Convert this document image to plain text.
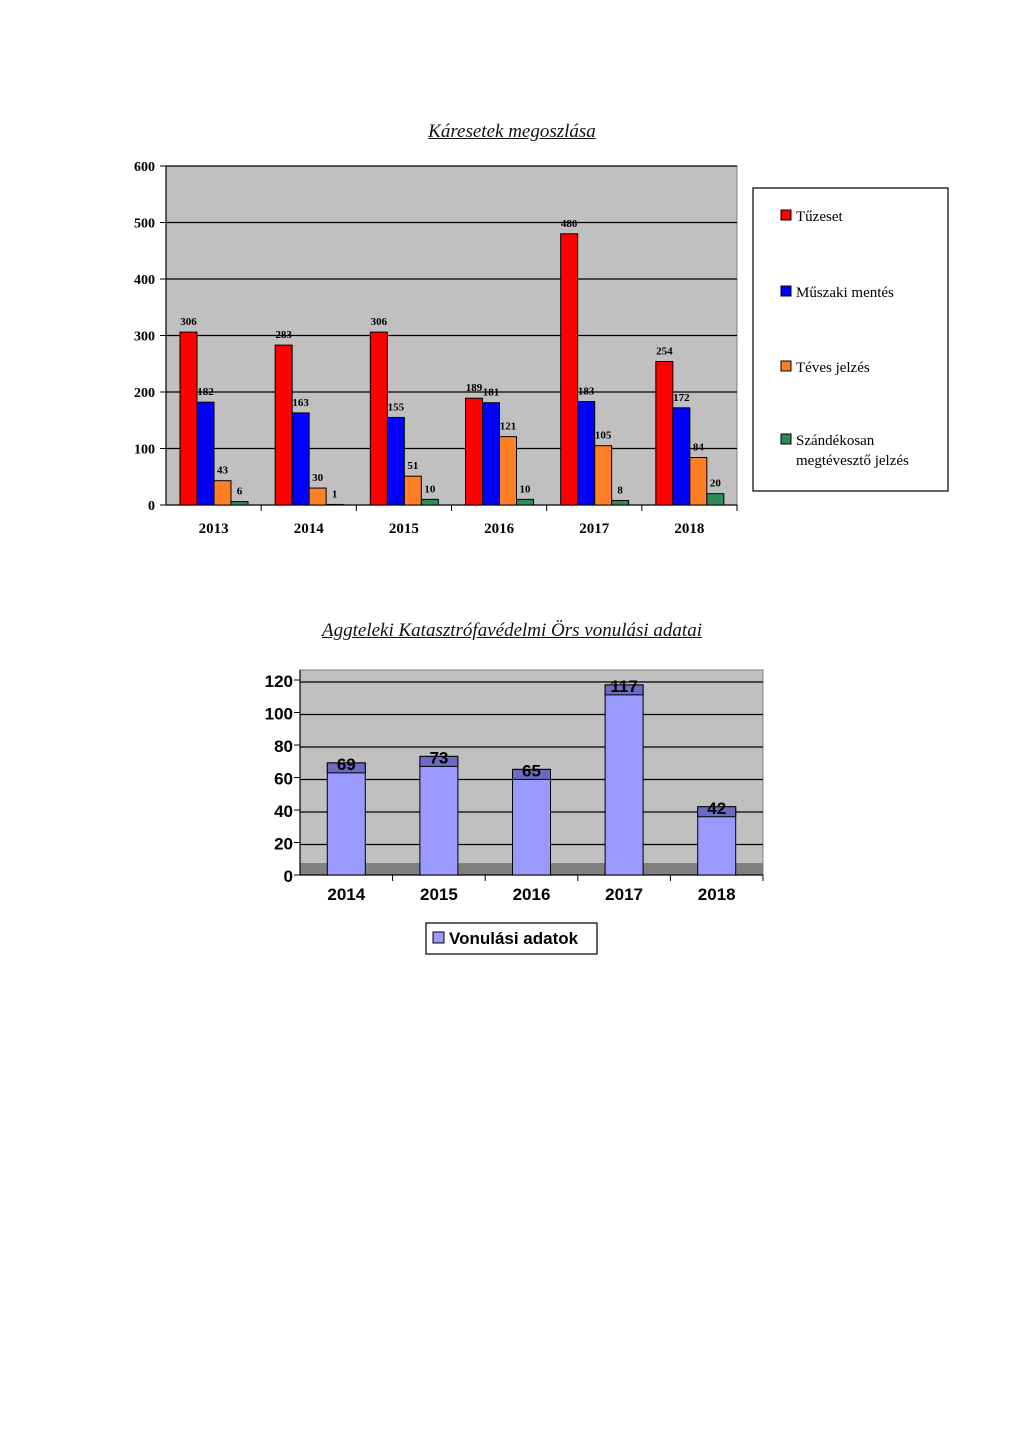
Káresetek megoszlása
Aggteleki Katasztrófavédelmi Örs vonulási adatai
0
100
200
300
400
500
600
2013
306
182
43
6
2014
283
163
30
1
2015
306
155
51
10
2016
189 181
121
10
2017
480
183
105
8
2018
254
172
84
20
Tűzeset
Műszaki mentés
Téves jelzés
Szándékosan
megtévesztő jelzés
0
20
40
60
80
100
120
69
2014
73
2015
65
2016
117
2017
42
2018
Vonulási adatok
